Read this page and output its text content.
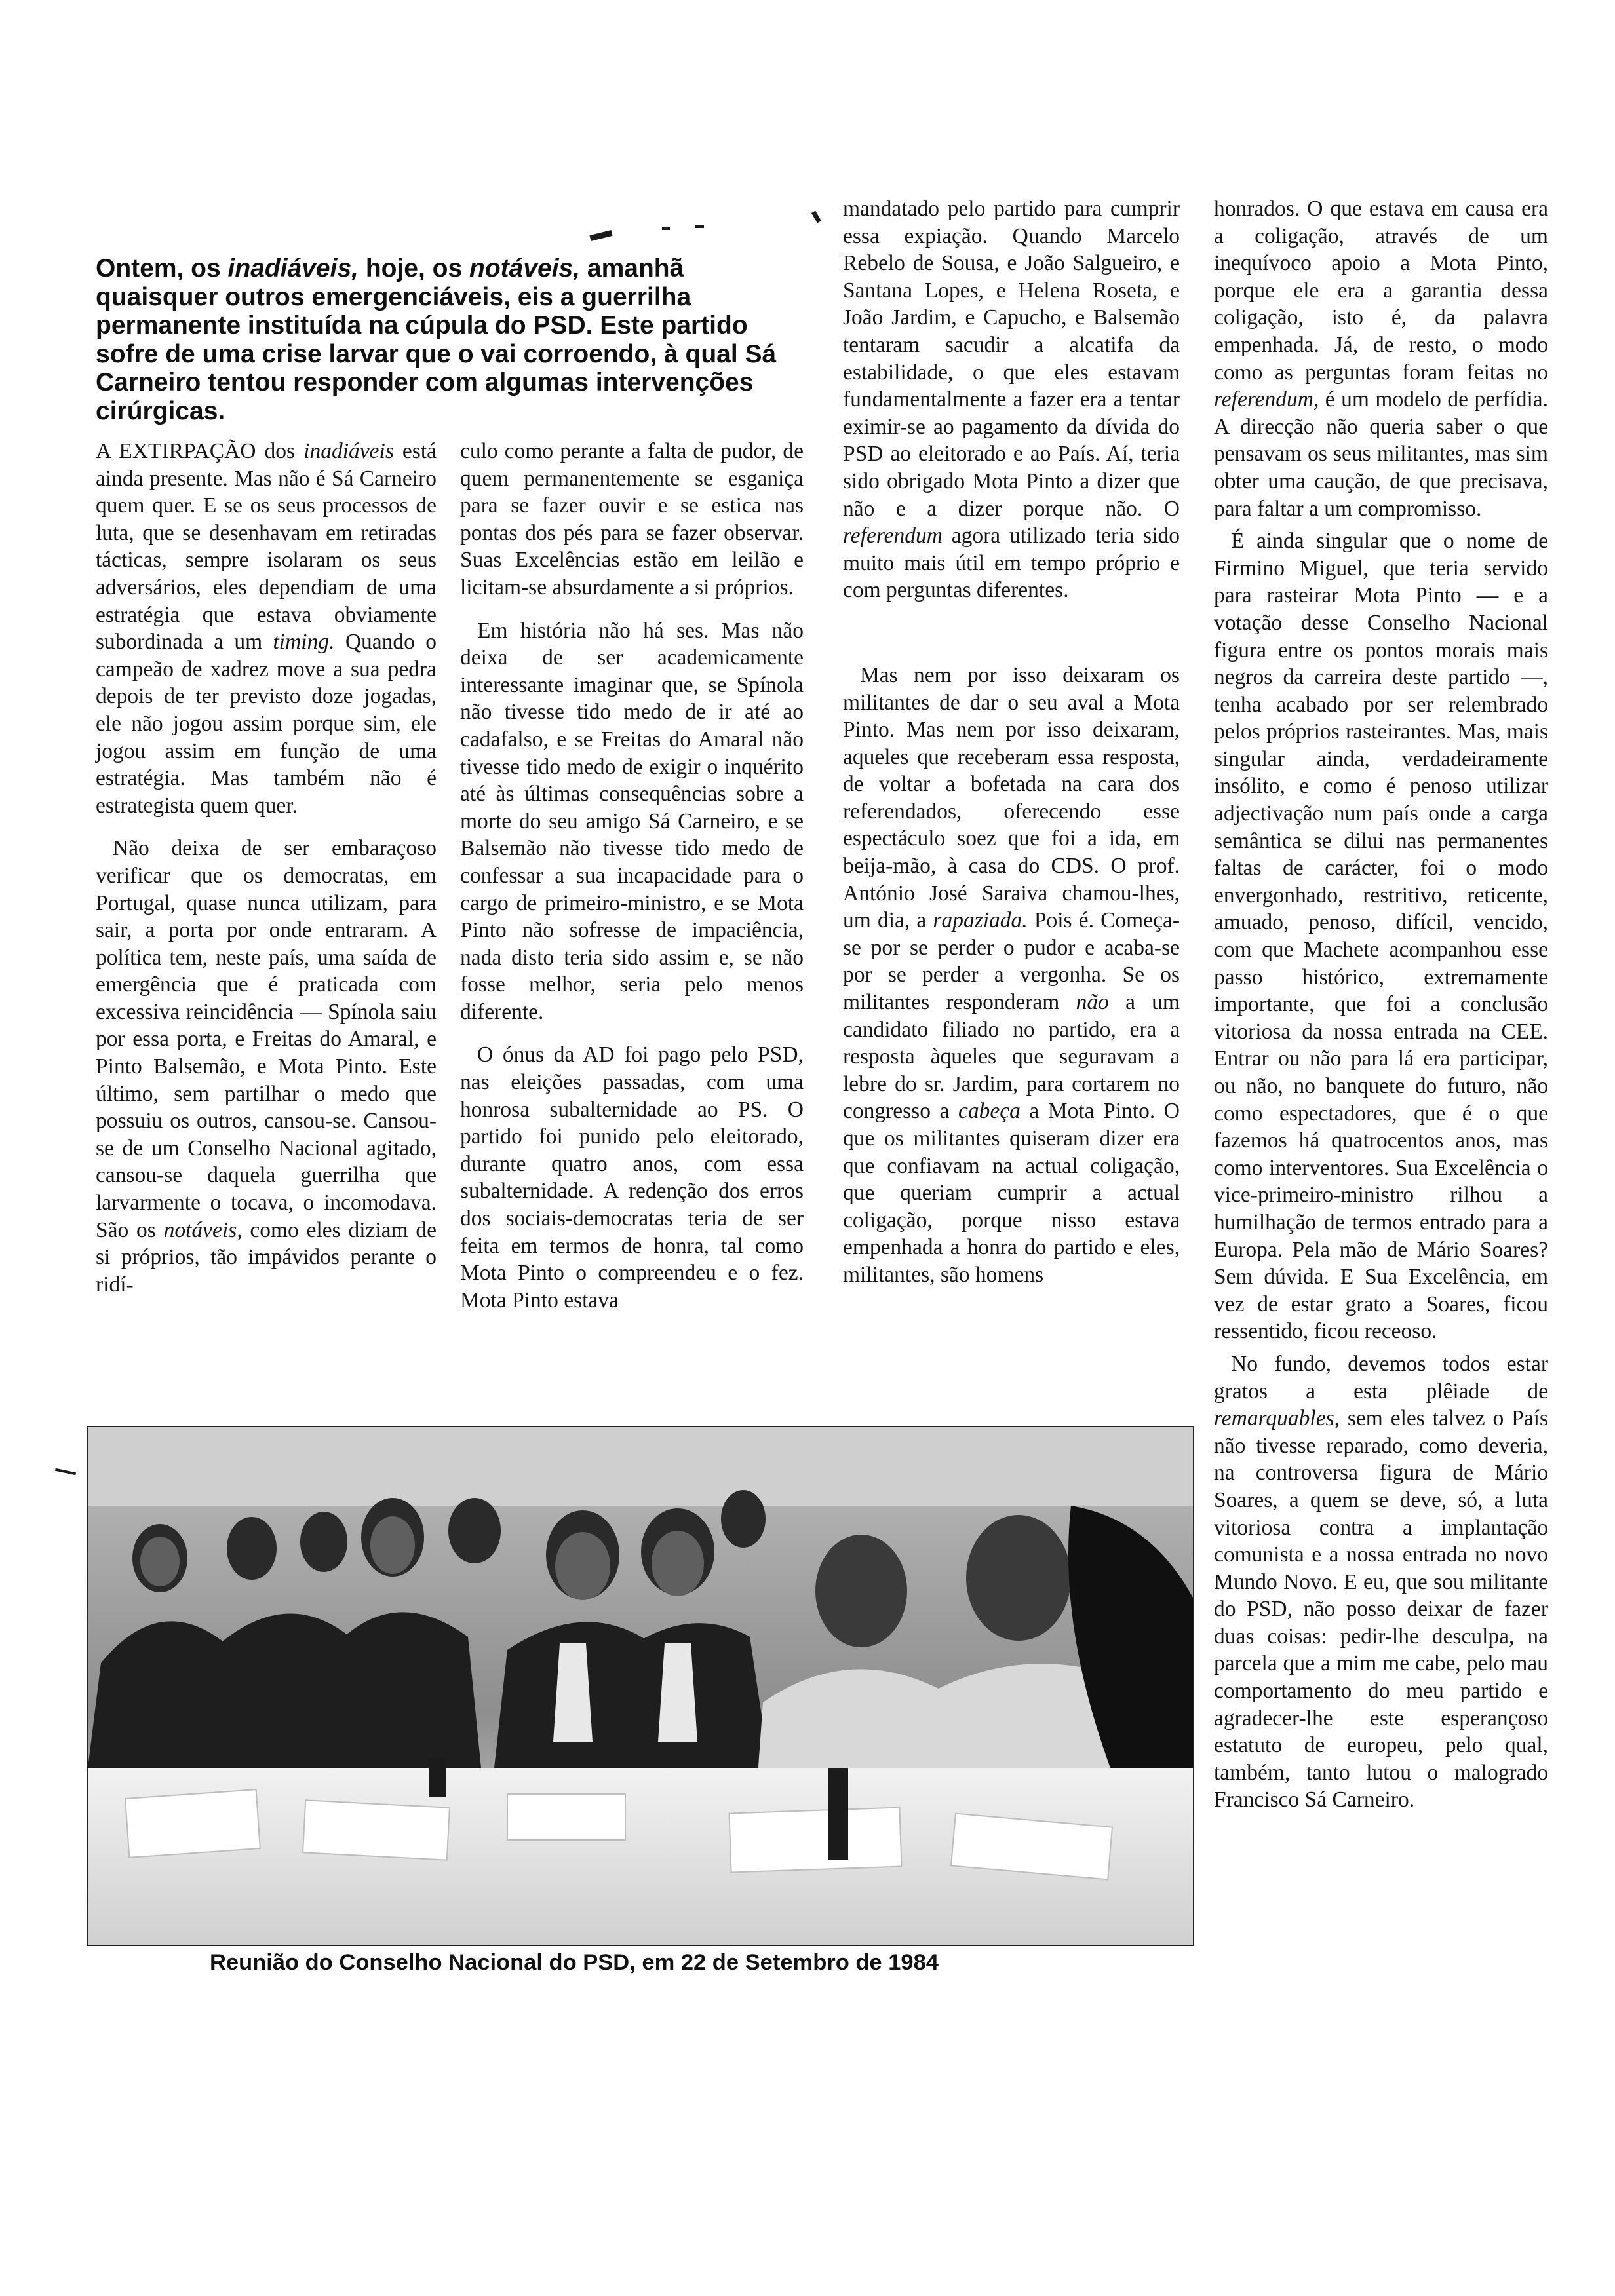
Ontem, os inadiáveis, hoje, os notáveis, amanhã quaisquer outros emergenciáveis, eis a guerrilha permanente instituída na cúpula do PSD. Este partido sofre de uma crise larvar que o vai corroendo, à qual Sá Carneiro tentou responder com algumas intervenções cirúrgicas.

A EXTIRPAÇÃO dos inadiáveis está ainda presente. Mas não é Sá Carneiro quem quer. E se os seus processos de luta, que se desenhavam em retiradas tácticas, sempre isolaram os seus adversários, eles dependiam de uma estratégia que estava obviamente subordinada a um timing. Quando o campeão de xadrez move a sua pedra depois de ter previsto doze jogadas, ele não jogou assim porque sim, ele jogou assim em função de uma estratégia. Mas também não é estrategista quem quer.

Não deixa de ser embaraçoso verificar que os democratas, em Portugal, quase nunca utilizam, para sair, a porta por onde entraram. A política tem, neste país, uma saída de emergência que é praticada com excessiva reincidência — Spínola saiu por essa porta, e Freitas do Amaral, e Pinto Balsemão, e Mota Pinto. Este último, sem partilhar o medo que possuiu os outros, cansou-se. Cansou-se de um Conselho Nacional agitado, cansou-se daquela guerrilha que larvarmente o tocava, o incomodava. São os notáveis, como eles diziam de si próprios, tão impávidos perante o ridí-

culo como perante a falta de pudor, de quem permanentemente se esganiça para se fazer ouvir e se estica nas pontas dos pés para se fazer observar. Suas Excelências estão em leilão e licitam-se absurdamente a si próprios.

Em história não há ses. Mas não deixa de ser academicamente interessante imaginar que, se Spínola não tivesse tido medo de ir até ao cadafalso, e se Freitas do Amaral não tivesse tido medo de exigir o inquérito até às últimas consequências sobre a morte do seu amigo Sá Carneiro, e se Balsemão não tivesse tido medo de confessar a sua incapacidade para o cargo de primeiro-ministro, e se Mota Pinto não sofresse de impaciência, nada disto teria sido assim e, se não fosse melhor, seria pelo menos diferente.

O ónus da AD foi pago pelo PSD, nas eleições passadas, com uma honrosa subalternidade ao PS. O partido foi punido pelo eleitorado, durante quatro anos, com essa subalternidade. A redenção dos erros dos sociais-democratas teria de ser feita em termos de honra, tal como Mota Pinto o compreendeu e o fez. Mota Pinto estava

mandatado pelo partido para cumprir essa expiação. Quando Marcelo Rebelo de Sousa, e João Salgueiro, e Santana Lopes, e Helena Roseta, e João Jardim, e Capucho, e Balsemão tentaram sacudir a alcatifa da estabilidade, o que eles estavam fundamentalmente a fazer era a tentar eximir-se ao pagamento da dívida do PSD ao eleitorado e ao País. Aí, teria sido obrigado Mota Pinto a dizer que não e a dizer porque não. O referendum agora utilizado teria sido muito mais útil em tempo próprio e com perguntas diferentes.

Mas nem por isso deixaram os militantes de dar o seu aval a Mota Pinto. Mas nem por isso deixaram, aqueles que receberam essa resposta, de voltar a bofetada na cara dos referendados, oferecendo esse espectáculo soez que foi a ida, em beija-mão, à casa do CDS. O prof. António José Saraiva chamou-lhes, um dia, a rapaziada. Pois é. Começa-se por se perder o pudor e acaba-se por se perder a vergonha. Se os militantes responderam não a um candidato filiado no partido, era a resposta àqueles que seguravam a lebre do sr. Jardim, para cortarem no congresso a cabeça a Mota Pinto. O que os militantes quiseram dizer era que confiavam na actual coligação, que queriam cumprir a actual coligação, porque nisso estava empenhada a honra do partido e eles, militantes, são homens

honrados. O que estava em causa era a coligação, através de um inequívoco apoio a Mota Pinto, porque ele era a garantia dessa coligação, isto é, da palavra empenhada. Já, de resto, o modo como as perguntas foram feitas no referendum, é um modelo de perfídia. A direcção não queria saber o que pensavam os seus militantes, mas sim obter uma caução, de que precisava, para faltar a um compromisso.

É ainda singular que o nome de Firmino Miguel, que teria servido para rasteirar Mota Pinto — e a votação desse Conselho Nacional figura entre os pontos morais mais negros da carreira deste partido —, tenha acabado por ser relembrado pelos próprios rasteirantes. Mas, mais singular ainda, verdadeiramente insólito, e como é penoso utilizar adjectivação num país onde a carga semântica se dilui nas permanentes faltas de carácter, foi o modo envergonhado, restritivo, reticente, amuado, penoso, difícil, vencido, com que Machete acompanhou esse passo histórico, extremamente importante, que foi a conclusão vitoriosa da nossa entrada na CEE. Entrar ou não para lá era participar, ou não, no banquete do futuro, não como espectadores, que é o que fazemos há quatrocentos anos, mas como interventores. Sua Excelência o vice-primeiro-ministro rilhou a humilhação de termos entrado para a Europa. Pela mão de Mário Soares? Sem dúvida. E Sua Excelência, em vez de estar grato a Soares, ficou ressentido, ficou receoso.

No fundo, devemos todos estar gratos a esta plêiade de remarquables, sem eles talvez o País não tivesse reparado, como deveria, na controversa figura de Mário Soares, a quem se deve, só, a luta vitoriosa contra a implantação comunista e a nossa entrada no novo Mundo Novo. E eu, que sou militante do PSD, não posso deixar de fazer duas coisas: pedir-lhe desculpa, na parcela que a mim me cabe, pelo mau comportamento do meu partido e agradecer-lhe este esperançoso estatuto de europeu, pelo qual, também, tanto lutou o malogrado Francisco Sá Carneiro.

Reunião do Conselho Nacional do PSD, em 22 de Setembro de 1984
